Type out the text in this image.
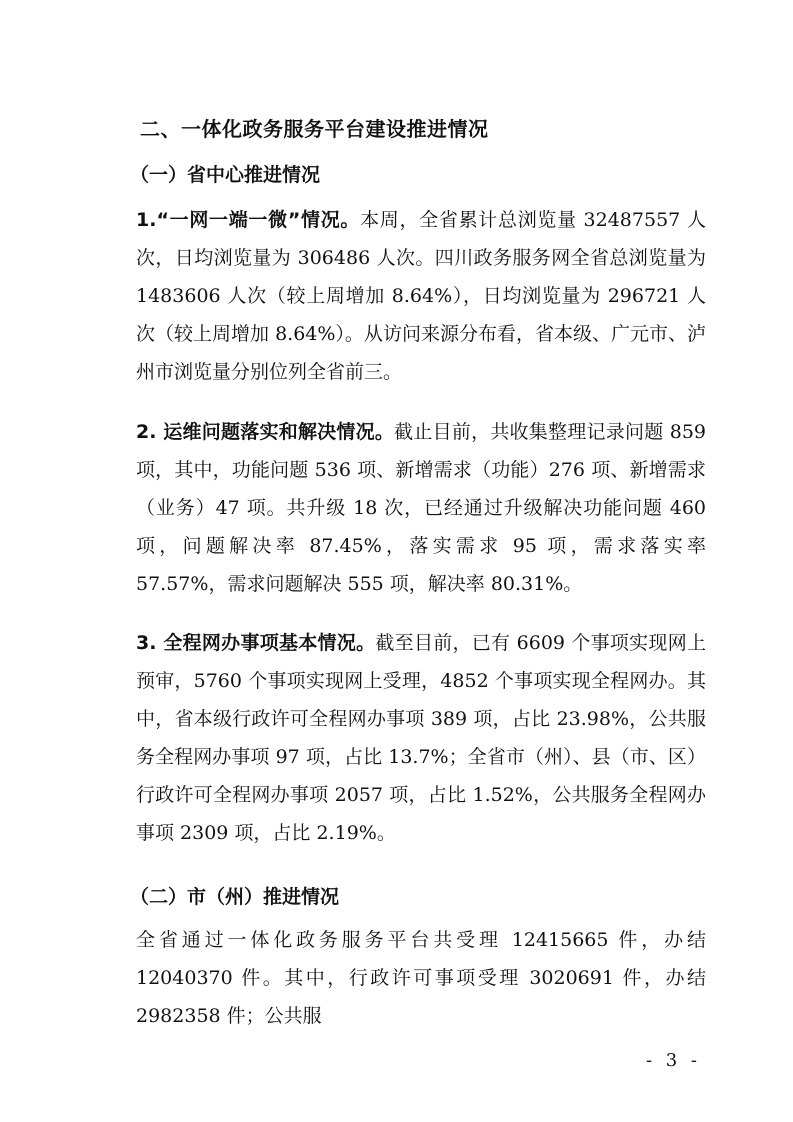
二、一体化政务服务平台建设推进情况
（一）省中心推进情况
1.“一网一端一微”情况。本周，全省累计总浏览量 32487557 人次，日均浏览量为 306486 人次。四川政务服务网全省总浏览量为 1483606 人次（较上周增加 8.64%），日均浏览量为 296721 人次（较上周增加 8.64%）。从访问来源分布看，省本级、广元市、泸州市浏览量分别位列全省前三。
2. 运维问题落实和解决情况。截止目前，共收集整理记录问题 859 项，其中，功能问题 536 项、新增需求（功能）276 项、新增需求（业务）47 项。共升级 18 次，已经通过升级解决功能问题 460 项，问题解决率 87.45%，落实需求 95 项，需求落实率 57.57%，需求问题解决 555 项，解决率 80.31%。
3. 全程网办事项基本情况。截至目前，已有 6609 个事项实现网上预审，5760 个事项实现网上受理，4852 个事项实现全程网办。其中，省本级行政许可全程网办事项 389 项，占比 23.98%，公共服务全程网办事项 97 项，占比 13.7%；全省市（州）、县（市、区）行政许可全程网办事项 2057 项，占比 1.52%，公共服务全程网办事项 2309 项，占比 2.19%。
（二）市（州）推进情况
全省通过一体化政务服务平台共受理 12415665 件，办结 12040370 件。其中，行政许可事项受理 3020691 件，办结 2982358 件；公共服
- 3 -
